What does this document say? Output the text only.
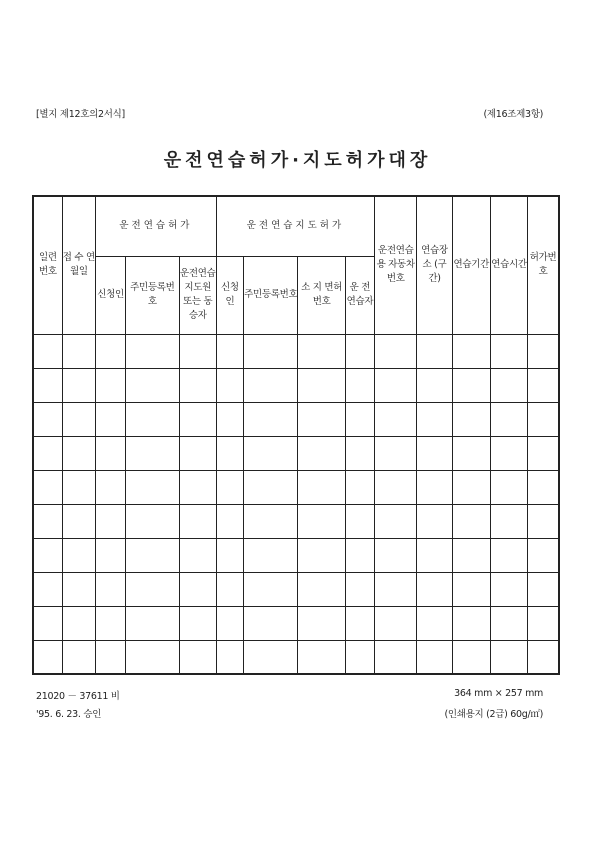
[별지 제12호의2서식]	(제16조제3항)
운전연습허가·지도허가대장
일련 번호	접 수 연월일	운전연습허가			운전연습지도허가				운전연습용 자동차번호	연습장소 (구간)	연습기간	연습시간	허가번호
		신청인	주민등록번호	운전연습 지도원 또는 동승자	신청인	주민등록번호	소 지 면허번호	운 전 연습자					

21020 － 37611 비
'95. 6. 23. 승인
364 mm × 257 mm
(인쇄용지 (2급) 60g/㎡)
